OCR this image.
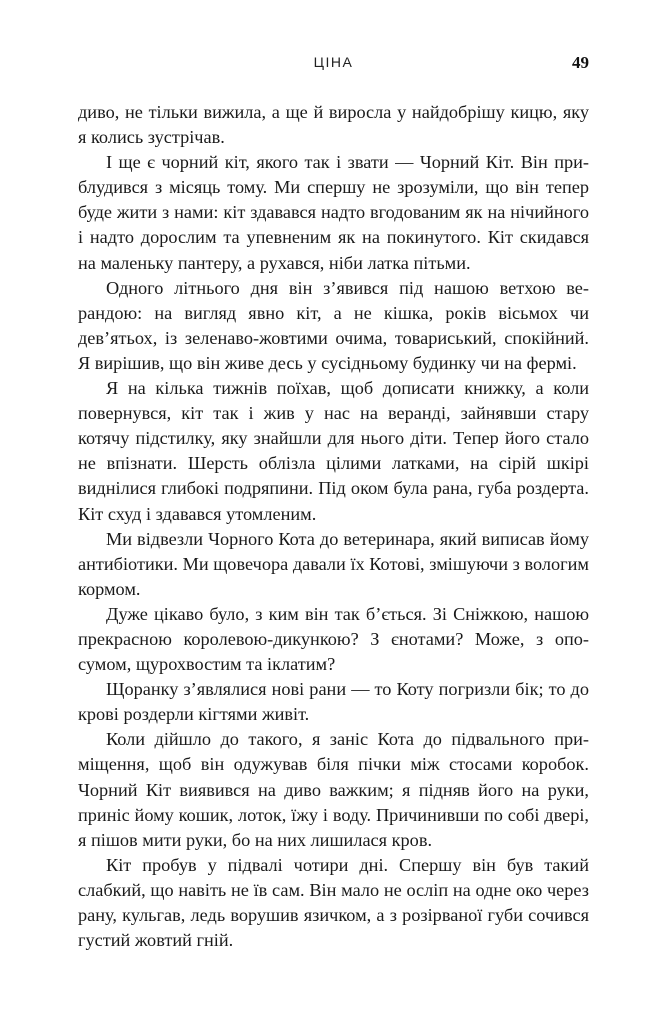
ЦІНА	49

диво, не тільки вижила, а ще й виросла у найдобрішу кицю, яку я колись зустрічав.

І ще є чорний кіт, якого так і звати — Чорний Кіт. Він приблудився з місяць тому. Ми спершу не зрозуміли, що він тепер буде жити з нами: кіт здавався надто вгодованим як на нічийного і надто дорослим та упевненим як на покинутого. Кіт скидався на маленьку пантеру, а рухався, ніби латка пітьми.

Одного літнього дня він з’явився під нашою ветхою верандою: на вигляд явно кіт, а не кішка, років вісьмох чи дев’ятьох, із зеленаво-жовтими очима, товариський, спокійний. Я вирішив, що він живе десь у сусідньому будинку чи на фермі.

Я на кілька тижнів поїхав, щоб дописати книжку, а коли повернувся, кіт так і жив у нас на веранді, зайнявши стару котячу підстилку, яку знайшли для нього діти. Тепер його стало не впізнати. Шерсть облізла цілими латками, на сірій шкірі виднілися глибокі подряпини. Під оком була рана, губа роздерта. Кіт схуд і здавався утомленим.

Ми відвезли Чорного Кота до ветеринара, який виписав йому антибіотики. Ми щовечора давали їх Котові, змішуючи з вологим кормом.

Дуже цікаво було, з ким він так б’ється. Зі Сніжкою, нашою прекрасною королевою-дикункою? З єнотами? Може, з опосумом, щурохвостим та іклатим?

Щоранку з’являлися нові рани — то Коту погризли бік; то до крові роздерли кігтями живіт.

Коли дійшло до такого, я заніс Кота до підвального приміщення, щоб він одужував біля пічки між стосами коробок. Чорний Кіт виявився на диво важким; я підняв його на руки, приніс йому кошик, лоток, їжу і воду. Причинивши по собі двері, я пішов мити руки, бо на них лишилася кров.

Кіт пробув у підвалі чотири дні. Спершу він був такий слабкий, що навіть не їв сам. Він мало не осліп на одне око через рану, кульгав, ледь ворушив язичком, а з розірваної губи сочився густий жовтий гній.
